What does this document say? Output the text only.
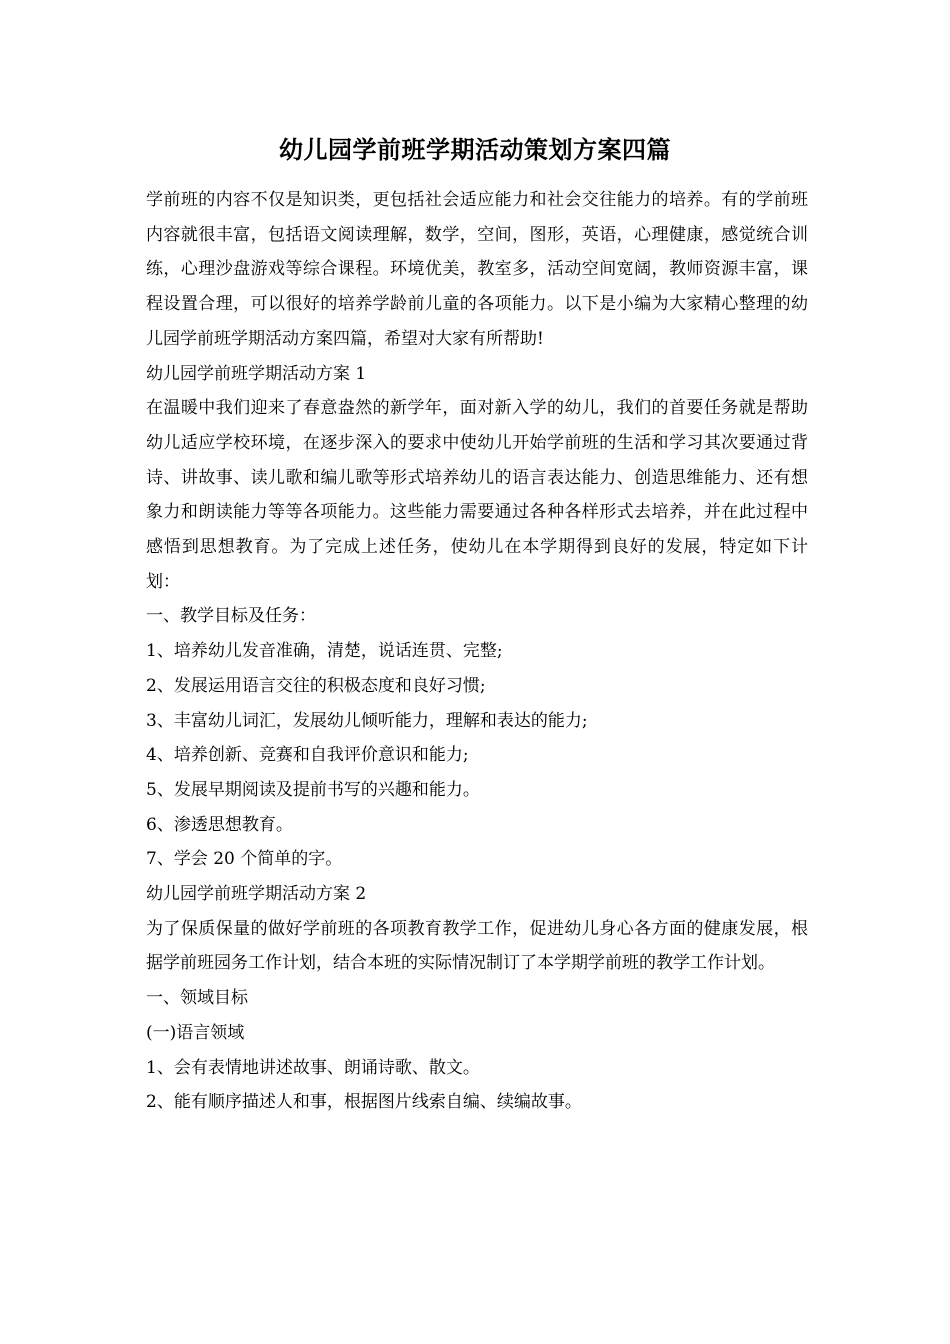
幼儿园学前班学期活动策划方案四篇

学前班的内容不仅是知识类，更包括社会适应能力和社会交往能力的培养。有的学前班内容就很丰富，包括语文阅读理解，数学，空间，图形，英语，心理健康，感觉统合训练，心理沙盘游戏等综合课程。环境优美，教室多，活动空间宽阔，教师资源丰富，课程设置合理，可以很好的培养学龄前儿童的各项能力。以下是小编为大家精心整理的幼儿园学前班学期活动方案四篇，希望对大家有所帮助!

幼儿园学前班学期活动方案 1

在温暖中我们迎来了春意盎然的新学年，面对新入学的幼儿，我们的首要任务就是帮助幼儿适应学校环境，在逐步深入的要求中使幼儿开始学前班的生活和学习其次要通过背诗、讲故事、读儿歌和编儿歌等形式培养幼儿的语言表达能力、创造思维能力、还有想象力和朗读能力等等各项能力。这些能力需要通过各种各样形式去培养，并在此过程中感悟到思想教育。为了完成上述任务，使幼儿在本学期得到良好的发展，特定如下计划：

一、教学目标及任务：

1、培养幼儿发音准确，清楚，说话连贯、完整;

2、发展运用语言交往的积极态度和良好习惯;

3、丰富幼儿词汇，发展幼儿倾听能力，理解和表达的能力;

4、培养创新、竞赛和自我评价意识和能力;

5、发展早期阅读及提前书写的兴趣和能力。

6、渗透思想教育。

7、学会 20 个简单的字。

幼儿园学前班学期活动方案 2

为了保质保量的做好学前班的各项教育教学工作，促进幼儿身心各方面的健康发展，根据学前班园务工作计划，结合本班的实际情况制订了本学期学前班的教学工作计划。

一、领域目标

(一)语言领域

1、会有表情地讲述故事、朗诵诗歌、散文。

2、能有顺序描述人和事，根据图片线索自编、续编故事。
